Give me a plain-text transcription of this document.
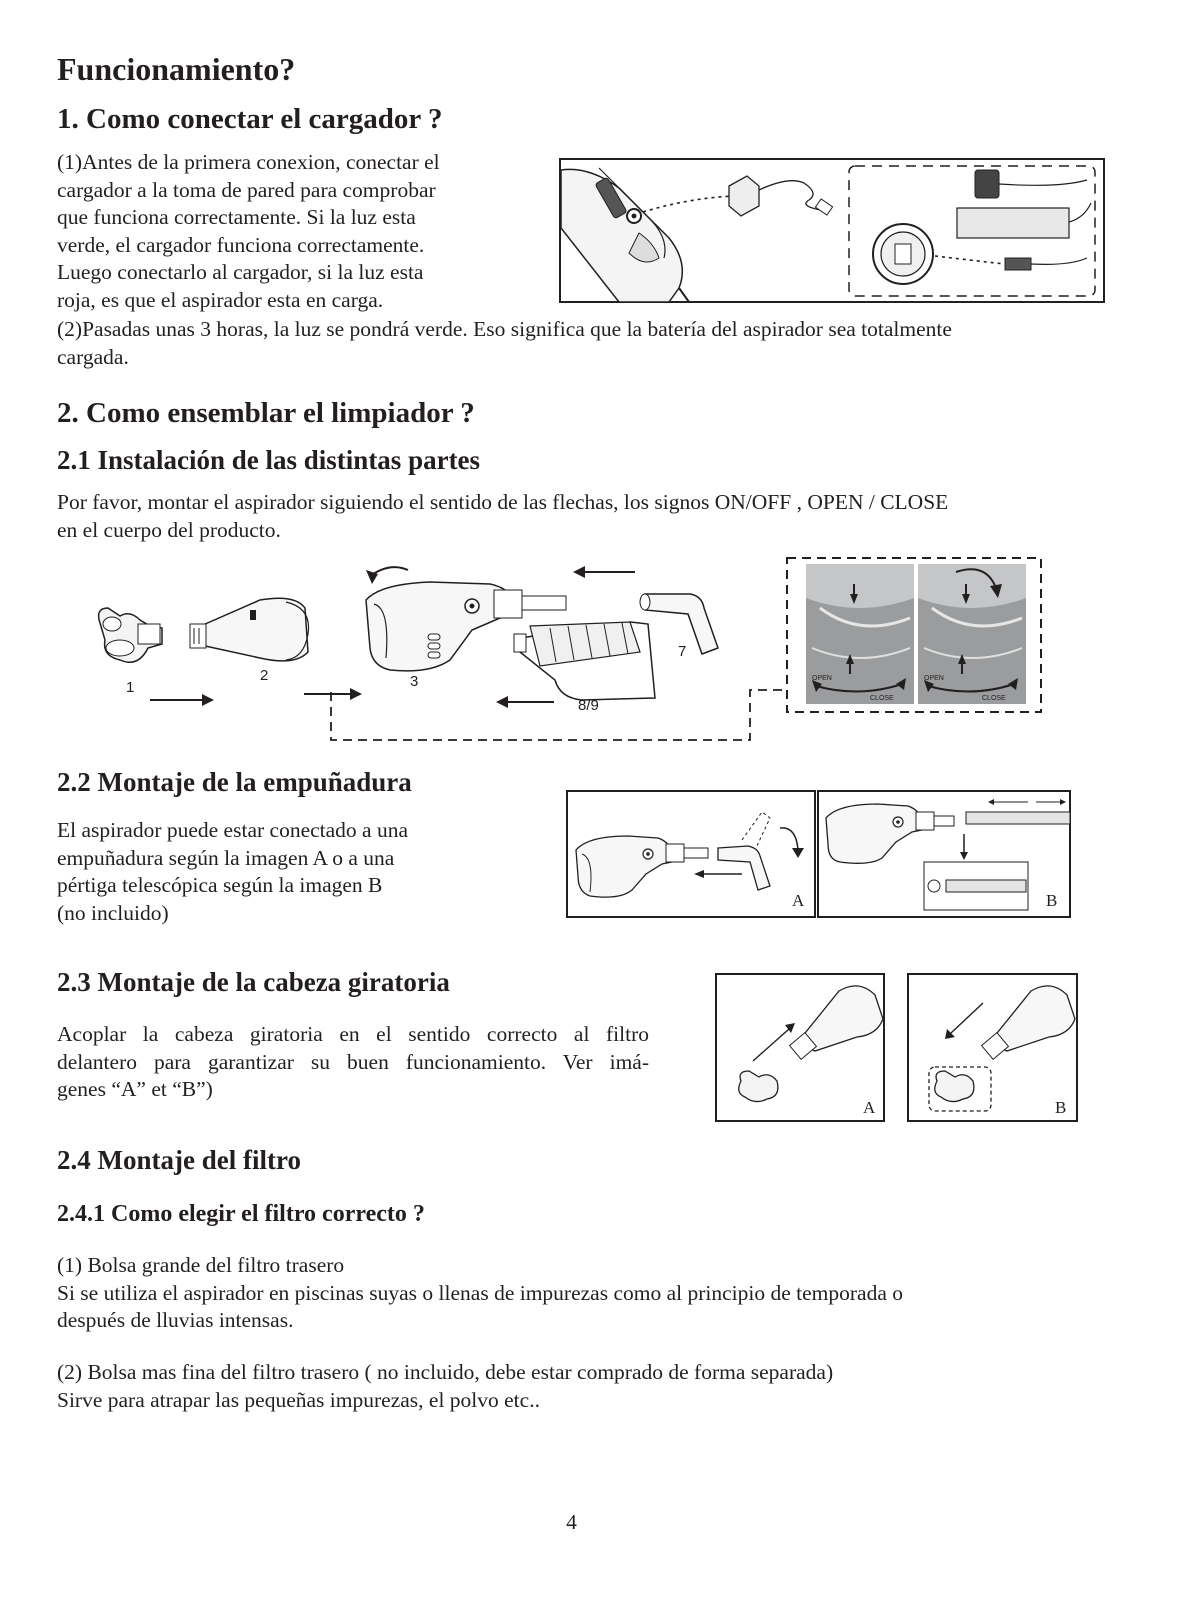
Funcionamiento?
1. Como conectar el cargador ?
(1)Antes de la primera conexion, conectar el
cargador a la toma de pared para comprobar
que funciona correctamente. Si la luz esta
verde, el cargador funciona correctamente.
Luego conectarlo al cargador, si la luz esta
roja, es que el aspirador esta en carga.
(2)Pasadas unas 3 horas, la luz se pondrá verde. Eso significa que la batería del aspirador sea totalmente
cargada.
2. Como ensemblar el limpiador ?
2.1 Instalación de las distintas partes
Por favor, montar el aspirador siguiendo el sentido de las flechas, los signos ON/OFF , OPEN / CLOSE
en el cuerpo del producto.
1
2	3
7
8/9
OPEN
CLOSE
OPEN
CLOSE
2.2 Montaje de la empuñadura
El aspirador puede estar conectado a una
empuñadura según la imagen A o a una
pértiga telescópica según la imagen B
(no incluido)	A	B
2.3 Montaje de la cabeza giratoria
Acoplar la cabeza giratoria en el sentido correcto al filtro
delantero para garantizar su buen funcionamiento. Ver imá-
genes “A” et “B”)
A	B
2.4 Montaje del filtro
2.4.1 Como elegir el filtro correcto ?
(1) Bolsa grande del filtro trasero
Si se utiliza el aspirador en piscinas suyas o llenas de impurezas como al principio de temporada o
después de lluvias intensas.
(2) Bolsa mas fina del filtro trasero ( no incluido, debe estar comprado de forma separada)
Sirve para atrapar las pequeñas impurezas, el polvo etc..
4
